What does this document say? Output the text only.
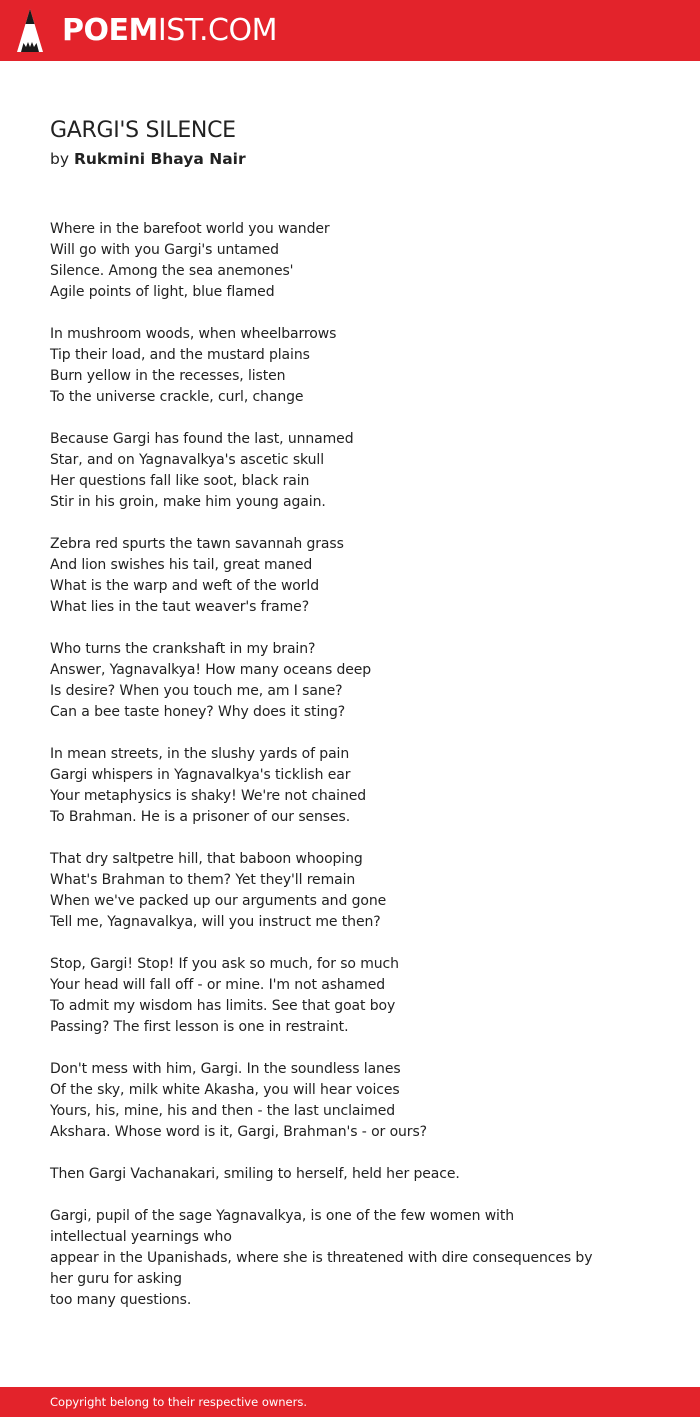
POEMIST.COM
GARGI'S SILENCE
by Rukmini Bhaya Nair
Where in the barefoot world you wander
Will go with you Gargi's untamed
Silence. Among the sea anemones'
Agile points of light, blue flamed
In mushroom woods, when wheelbarrows
Tip their load, and the mustard plains
Burn yellow in the recesses, listen
To the universe crackle, curl, change
Because Gargi has found the last, unnamed
Star, and on Yagnavalkya's ascetic skull
Her questions fall like soot, black rain
Stir in his groin, make him young again.
Zebra red spurts the tawn savannah grass
And lion swishes his tail, great maned
What is the warp and weft of the world
What lies in the taut weaver's frame?
Who turns the crankshaft in my brain?
Answer, Yagnavalkya! How many oceans deep
Is desire? When you touch me, am I sane?
Can a bee taste honey? Why does it sting?
In mean streets, in the slushy yards of pain
Gargi whispers in Yagnavalkya's ticklish ear
Your metaphysics is shaky! We're not chained
To Brahman. He is a prisoner of our senses.
That dry saltpetre hill, that baboon whooping
What's Brahman to them? Yet they'll remain
When we've packed up our arguments and gone
Tell me, Yagnavalkya, will you instruct me then?
Stop, Gargi! Stop! If you ask so much, for so much
Your head will fall off - or mine. I'm not ashamed
To admit my wisdom has limits. See that goat boy
Passing? The first lesson is one in restraint.
Don't mess with him, Gargi. In the soundless lanes
Of the sky, milk white Akasha, you will hear voices
Yours, his, mine, his and then - the last unclaimed
Akshara. Whose word is it, Gargi, Brahman's - or ours?
Then Gargi Vachanakari, smiling to herself, held her peace.
Gargi, pupil of the sage Yagnavalkya, is one of the few women with
intellectual yearnings who
appear in the Upanishads, where she is threatened with dire consequences by
her guru for asking
too many questions.
Copyright belong to their respective owners.
